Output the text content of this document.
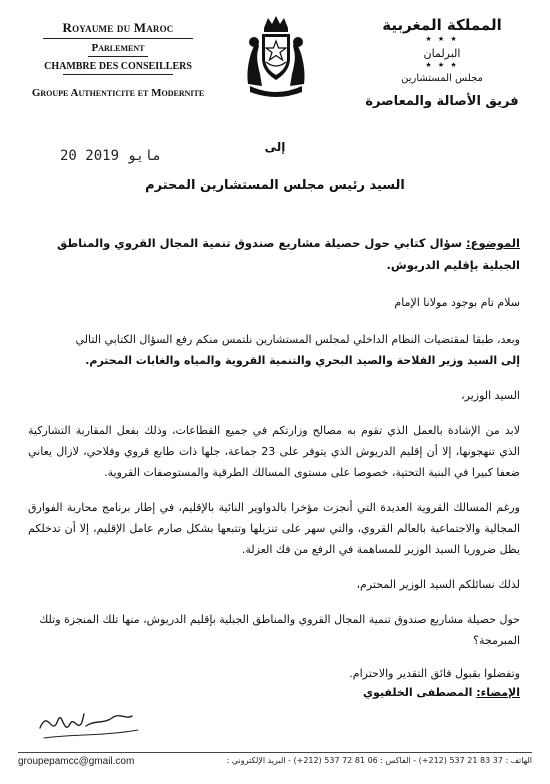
Royaume du Maroc
Parlement
CHAMBRE DES CONSEILLERS
Groupe Authenticite et Modernite
المملكة المغربية
★ ★ ★
البرلمان
★ ★ ★
مجلس المستشارين
فريق الأصالة والمعاصرة
20 مايو 2019
إلى
السيد رئيس مجلس المستشارين المحترم

الموضوع: سؤال كتابي حول حصيلة مشاريع صندوق تنمية المجال القروي والمناطق الجبلية بإقليم الدريوش.

سلام تام بوجود مولانا الإمام

وبعد، طبقا لمقتضيات النظام الداخلي لمجلس المستشارين نلتمس منكم رفع السؤال الكتابي التالي

إلى السيد وزير الفلاحة والصيد البحري والتنمية القروية والمياه والغابات المحترم.

السيد الوزير،

لابد من الإشادة بالعمل الذي تقوم به مصالح وزارتكم في جميع القطاعات، وذلك بفعل المقاربة التشاركية الذي تنهجونها، إلا أن إقليم الدريوش الذي يتوفر على 23 جماعة، جلها ذات طابع قروي وفلاحي، لازال يعاني ضعفا كبيرا في البنية التحتية، خصوصا على مستوى المسالك الطرقية والمستوصفات القروية.

ورغم المسالك القروية العديدة التي أنجزت مؤخرا بالدواوير النائية بالإقليم، في إطار برنامج محاربة الفوارق المجالية والاجتماعية بالعالم القروي، والتي سهر على تنزيلها وتتبعها بشكل صارم عامل الإقليم، إلا أن تدخلكم يظل ضروريا السيد الوزير للمساهمة في الرفع من فك العزلة.

لذلك نسائلكم السيد الوزير المحترم،

حول حصيلة مشاريع صندوق تنمية المجال القروي والمناطق الجبلية بإقليم الدريوش، منها تلك المنجزة وتلك المبرمجة؟

وتفضلوا بقبول فائق التقدير والاحترام.

الإمضاء: المصطفى الخلفيوي
groupepamcc@gmail.com	الهاتف : 37 83 21 537 (212+) - الفاكس : 06 81 72 537 (212+) - البريد الإلكتروني :
